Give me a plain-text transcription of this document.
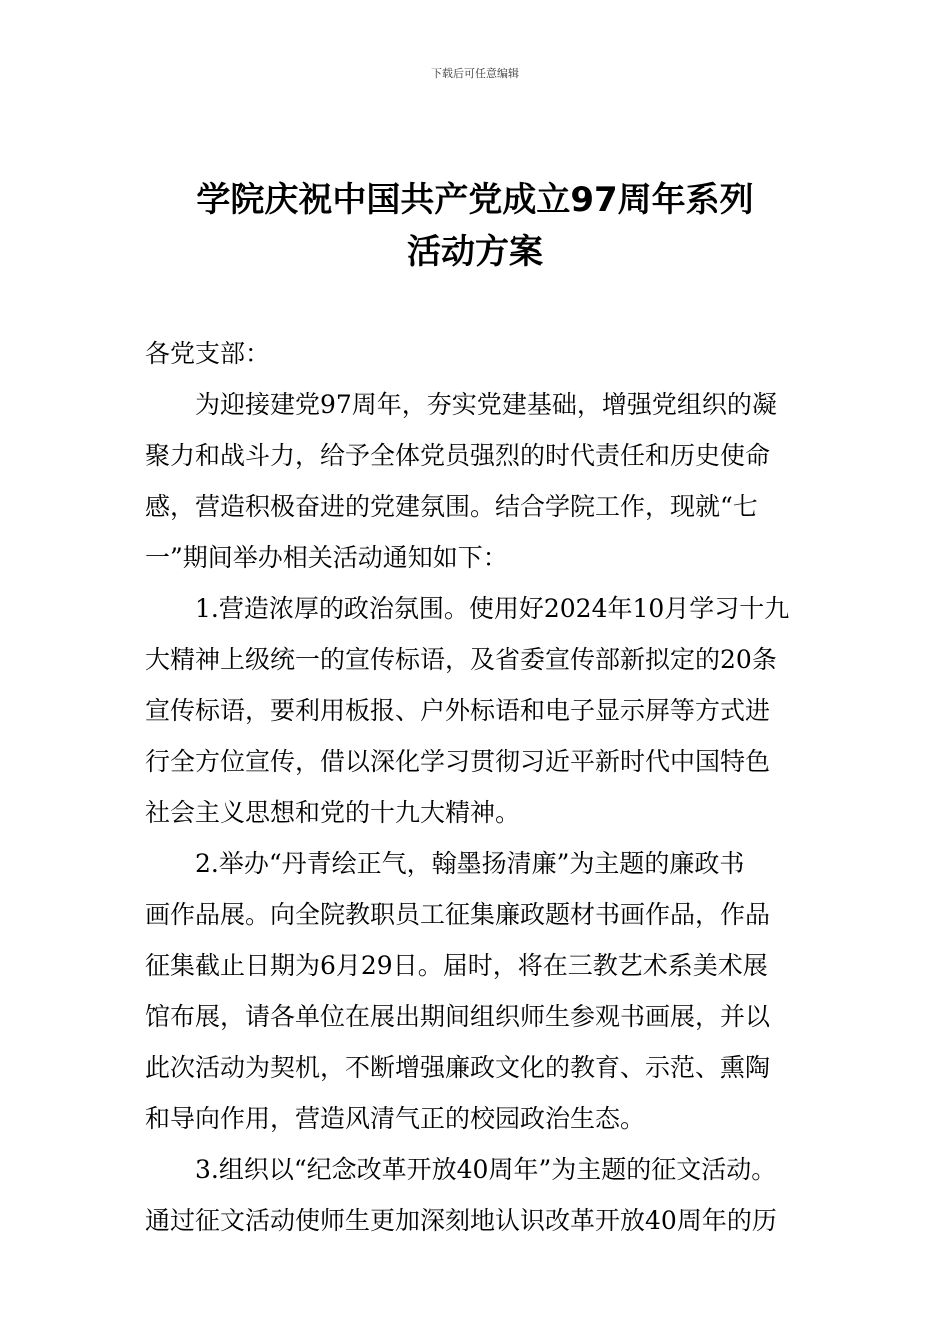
下载后可任意编辑
学院庆祝中国共产党成立97周年系列
活动方案

各党支部：

为迎接建党97周年，夯实党建基础，增强党组织的凝
聚力和战斗力，给予全体党员强烈的时代责任和历史使命
感，营造积极奋进的党建氛围。结合学院工作，现就“七
一”期间举办相关活动通知如下：

1.营造浓厚的政治氛围。使用好2024年10月学习十九
大精神上级统一的宣传标语，及省委宣传部新拟定的20条
宣传标语，要利用板报、户外标语和电子显示屏等方式进
行全方位宣传，借以深化学习贯彻习近平新时代中国特色
社会主义思想和党的十九大精神。

2.举办“丹青绘正气，翰墨扬清廉”为主题的廉政书
画作品展。向全院教职员工征集廉政题材书画作品，作品
征集截止日期为6月29日。届时，将在三教艺术系美术展
馆布展，请各单位在展出期间组织师生参观书画展，并以
此次活动为契机，不断增强廉政文化的教育、示范、熏陶
和导向作用，营造风清气正的校园政治生态。

3.组织以“纪念改革开放40周年”为主题的征文活动。
通过征文活动使师生更加深刻地认识改革开放40周年的历
